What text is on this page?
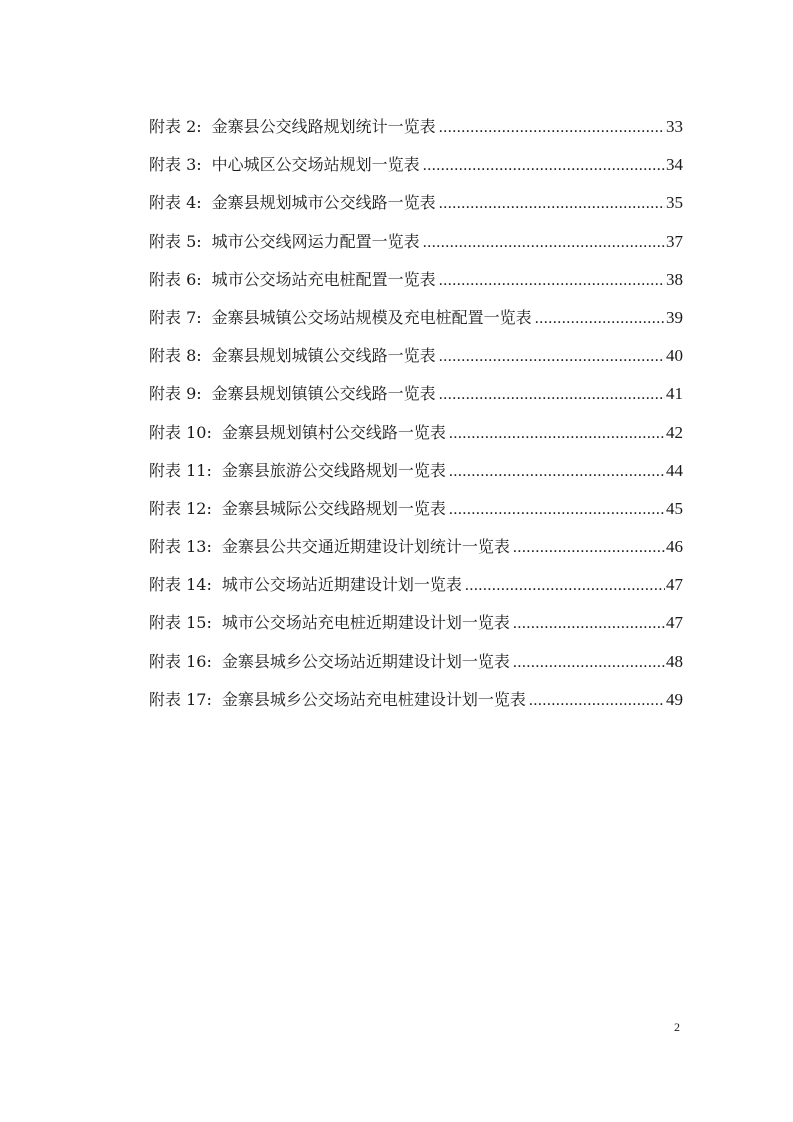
附表 2: 金寨县公交线路规划统计一览表 .....	33
附表 3: 中心城区公交场站规划一览表 .....	34
附表 4: 金寨县规划城市公交线路一览表 .....	35
附表 5: 城市公交线网运力配置一览表 .....	37
附表 6: 城市公交场站充电桩配置一览表 .....	38
附表 7: 金寨县城镇公交场站规模及充电桩配置一览表 .....	39
附表 8: 金寨县规划城镇公交线路一览表 .....	40
附表 9: 金寨县规划镇镇公交线路一览表 .....	41
附表 10: 金寨县规划镇村公交线路一览表 .....	42
附表 11: 金寨县旅游公交线路规划一览表 .....	44
附表 12: 金寨县城际公交线路规划一览表 .....	45
附表 13: 金寨县公共交通近期建设计划统计一览表 .....	46
附表 14: 城市公交场站近期建设计划一览表 .....	47
附表 15: 城市公交场站充电桩近期建设计划一览表 .....	47
附表 16: 金寨县城乡公交场站近期建设计划一览表 .....	48
附表 17: 金寨县城乡公交场站充电桩建设计划一览表 .....	49
2
